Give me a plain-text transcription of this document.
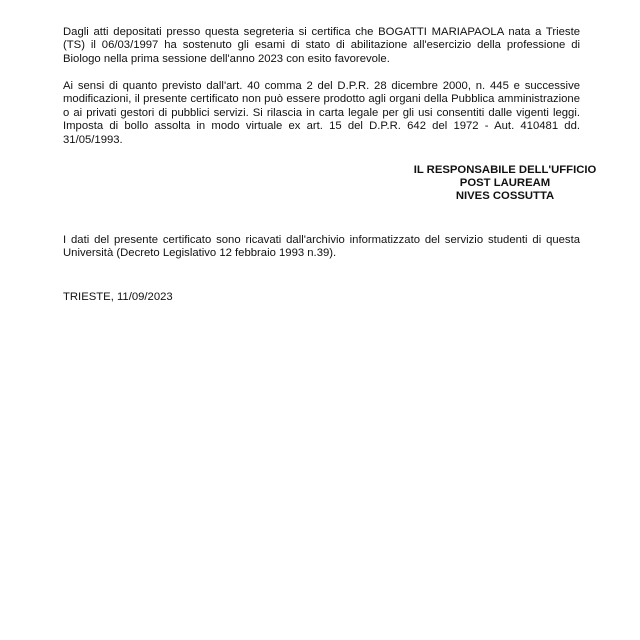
Dagli atti depositati presso questa segreteria si certifica che BOGATTI MARIAPAOLA nata a Trieste (TS) il 06/03/1997 ha sostenuto gli esami di stato di abilitazione all'esercizio della professione di Biologo nella prima sessione dell'anno 2023 con esito favorevole.

Ai sensi di quanto previsto dall'art. 40 comma 2 del D.P.R. 28 dicembre 2000, n. 445 e successive modificazioni, il presente certificato non può essere prodotto agli organi della Pubblica amministrazione o ai privati gestori di pubblici servizi. Si rilascia in carta legale per gli usi consentiti dalle vigenti leggi. Imposta di bollo assolta in modo virtuale ex art. 15 del D.P.R. 642 del 1972 - Aut. 410481 dd. 31/05/1993.

IL RESPONSABILE DELL'UFFICIO
POST LAUREAM
NIVES COSSUTTA

I dati del presente certificato sono ricavati dall'archivio informatizzato del servizio studenti di questa Università (Decreto Legislativo 12 febbraio 1993 n.39).

TRIESTE, 11/09/2023
